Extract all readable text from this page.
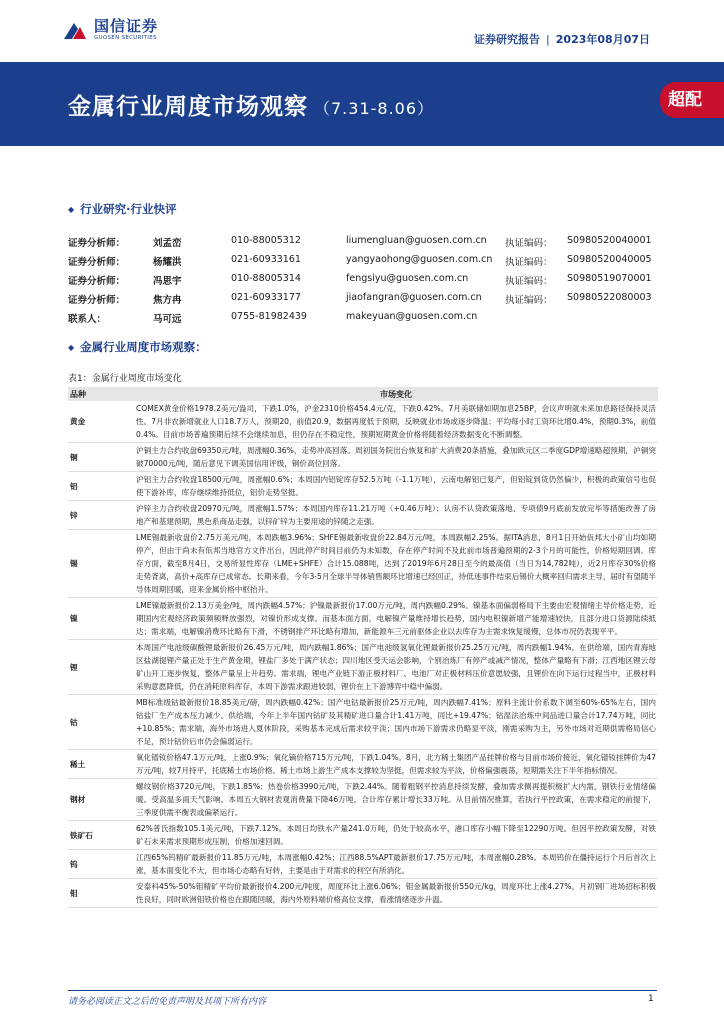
国信证券
GUOSEN SECURITIES	证券研究报告 | 2023年08月07日
金属行业周度市场观察 （7.31-8.06）	超配
◆ 行业研究·行业快评
证券分析师：	刘孟峦	010-88005312	liumengluan@guosen.com.cn 执证编码： S0980520040001
证券分析师：	杨耀洪	021-60933161	yangyaohong@guosen.com.cn 执证编码： S0980520040005
证券分析师：	冯思宇	010-88005314	fengsiyu@guosen.com.cn	执证编码： S0980519070001
证券分析师：	焦方冉	021-60933177	jiaofangran@guosen.com.cn 执证编码： S0980522080003
联系人：	马可远	0755-81982439	makeyuan@guosen.com.cn
◆ 金属行业周度市场观察：
表1：金属行业周度市场变化
品种	市场变化
黄金	COMEX黄金价格1978.2美元/盎司，下跌1.0%，沪金2310价格454.4元/克，下跌0.42%。7月美联储如期加息25BP，会议声明就未来加息路径保持灵活性。7月非农新增就业人口18.7万人，预期20，前值20.9，数据再度低于预期，反映就业市场或逐步降温；平均每小时工资环比增0.4%，预期0.3%，前值0.4%。目前市场普遍预期后续不会继续加息，但仍存在不稳定性，预期短期黄金价格将随着经济数据变化不断调整。
铜	沪铜主力合约收盘69350元/吨，周涨幅0.36%，走势冲高回落。周初国务院出台恢复和扩大消费20条措施，叠加欧元区二季度GDP增速略超预期，沪铜突破70000元/吨，随后意见下调美国信用评级，铜价高位回落。
铝	沪铝主力合约收盘18500元/吨，周涨幅0.6%；本周国内铝锭库存52.5万吨（-1.1万吨），云南电解铝已复产，但铝锭到货仍然偏少，积极的政策信号也促使下游补库，库存继续维持低位，铝价走势坚挺。
锌	沪锌主力合约收盘20970元/吨，周涨幅1.57%；本周国内库存11.21万吨（+0.46万吨）；认房不认贷政策落地、专项债9月底前发放完毕等措施改善了房地产和基建预期，黑色系商品走强，以锌矿锌为主要用途的锌随之走强。
锡	LME锡最新收盘价2.75万美元/吨，本周跌幅3.96%；SHFE锡最新收盘价22.84万元/吨，本周跌幅2.25%。据ITA消息，8月1日开始佤邦大小矿山均如期停产，但由于尚未有佤邦当地官方文件出台，因此停产时间目前仍为未知数，存在停产时间不及此前市场普遍预期的2-3个月的可能性，价格短期回调。库存方面，截至8月4日，交易所显性库存（LME+SHFE）合计15.088吨，达到了2019年6月28日至今的最高值（当日为14,782吨），近2月库存30%价格走势背离，高价+高库存已成常态。长期来看，今年3-5月全球半导体销售额环比增速已经回正，待低迷事件结束后锡价大概率回归需求主导，届时有望随半导体周期回暖，迎来金属价格中枢抬升。
镍	LME镍最新报价2.13万美金/吨，周内跌幅4.57%；沪镍最新报价17.00万元/吨，周内跌幅0.29%。镍基本面偏弱格局下主要由宏观情绪主导价格走势，近期国内宏观经济政策频频释放强烈，对镍价形成支撑。而基本面方面，电解镍产量维持增长趋势，国内电积镍新增产能增速较快，且部分进口货源陆续抵达；需求端，电解镍消费环比略有下滑，不锈钢排产环比略有增加，新能源车三元前驱体企业以去库存为主需求恢复缓慢，总体市况仍表现平平。
锂	本周国产电池级碳酸锂最新报价26.45万元/吨，周内跌幅1.86%；国产电池级氢氧化锂最新报价25.25万元/吨，周内跌幅1.94%。在供给端，国内青海地区盐湖提锂产量正处于生产黄金期，锂盐厂多处于满产状态；四川地区受天运会影响，个别冶炼厂有停产或减产情况，整体产量略有下滑；江西地区锂云母矿山开工逐步恢复，整体产量呈上升趋势。需求端，锂电产业链下游正极材料厂、电池厂对正极材料压价意愿较强，且锂价在向下运行过程当中，正极材料采购意愿降低，仍在消耗原料库存，本周下游需求跟进较弱，锂价在上下游博弈中稳中偏弱。
钴	MB标准级钴最新报价18.85美元/磅，周内跌幅0.42%；国产电钴最新报价25万元/吨，周内跌幅7.41%；原料主流计价系数下调至60%-65%左右，国内钴盐厂生产成本压力减少。供给端，今年上半年国内钴矿及其精矿进口量合计1.41万吨，同比+19.47%；钴湿法冶炼中间品进口量合计17.74万吨，同比+10.85%；需求端，海外市场进入夏休阶段，采购基本完成后需求较平淡；国内市场下游需求仍略显平淡，刚需采购为主，另外市场对近期供需格局信心不足，预计钴价后市仍会偏弱运行。
稀土	氧化镨钕价格47.1万元/吨，上涨0.9%；氧化镝价格715万元/吨，下跌1.04%。8月，北方稀土集团产品挂牌价格与目前市场价接近，氧化镨钕挂牌价为47万元/吨，较7月持平，托底稀土市场价格。稀土市场上游生产成本支撑较为坚挺，但需求较为平淡，价格偏强震荡，短期需关注下半年指标情况。
钢材	螺纹钢价格3720元/吨，下跌1.85%；热卷价格3990元/吨，下跌2.44%。随着粗钢平控消息持续发酵，叠加需求侧再提积极扩大内需，钢铁行业情绪偏暖。受高温多雨天气影响，本周五大钢材表观消费量下降46万吨，合计库存累计增长33万吨。从目前情况推算，若执行平控政策，在需求稳定的前提下，三季度供需平衡表或偏紧运行。
铁矿石	62%普氏指数105.1美元/吨，下跌7.12%。本周日均铁水产量241.0万吨，仍处于较高水平，港口库存小幅下降至12290万吨。但因平控政策发酵，对铁矿石未来需求预期形成压制，价格加速回调。
钨	江西65%钨精矿最新报价11.85万元/吨，本周涨幅0.42%；江西88.5%APT最新报价17.75万元/吨，本周涨幅0.28%。本周钨价在僵持运行个月后首次上涨，基本面变化不大，但市场心态略有好转，主要是由于对需求的利空有所消化。
钼	安泰科45%-50%钼精矿平均价最新报价4.200元/吨度，周度环比上涨6.06%；钼金属最新报价550元/kg，周度环比上涨4.27%。月初钢厂进场招标积极性良好，同时欧洲钼铁价格也在跟随回暖，海内外原料端价格高位支撑，看涨情绪逐步升温。
请务必阅读正文之后的免责声明及其项下所有内容	1
